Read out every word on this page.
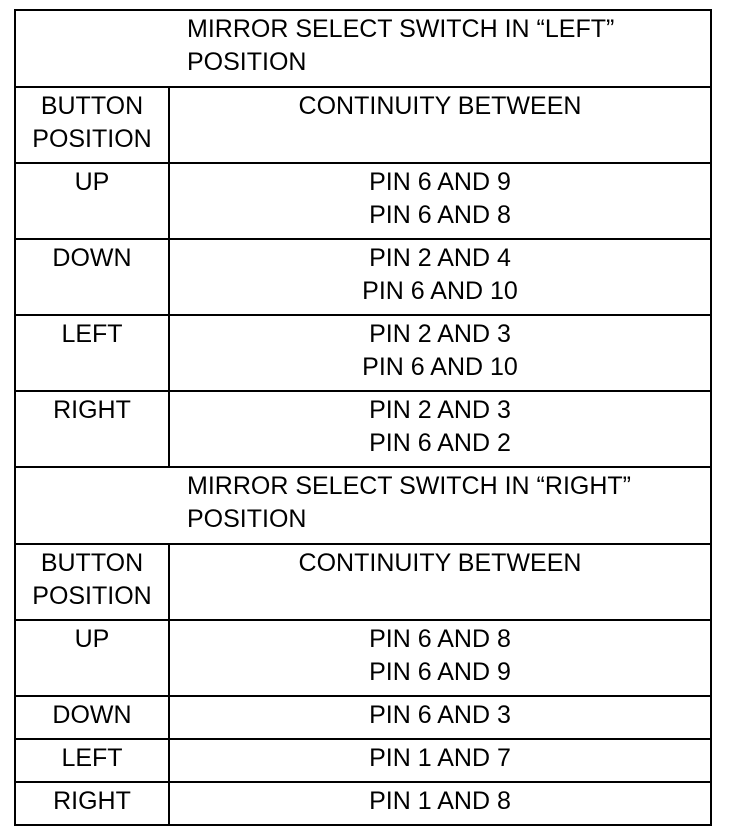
MIRROR SELECT SWITCH IN “LEFT”
POSITION	

BUTTON
POSITION	CONTINUITY BETWEEN

UP	PIN 6 AND 9
PIN 6 AND 8

DOWN	PIN 2 AND 4
PIN 6 AND 10

LEFT	PIN 2 AND 3
PIN 6 AND 10

RIGHT	PIN 2 AND 3
PIN 6 AND 2

MIRROR SELECT SWITCH IN “RIGHT”
POSITION	

BUTTON
POSITION	CONTINUITY BETWEEN

UP	PIN 6 AND 8
PIN 6 AND 9

DOWN	PIN 6 AND 3

LEFT	PIN 1 AND 7

RIGHT	PIN 1 AND 8
